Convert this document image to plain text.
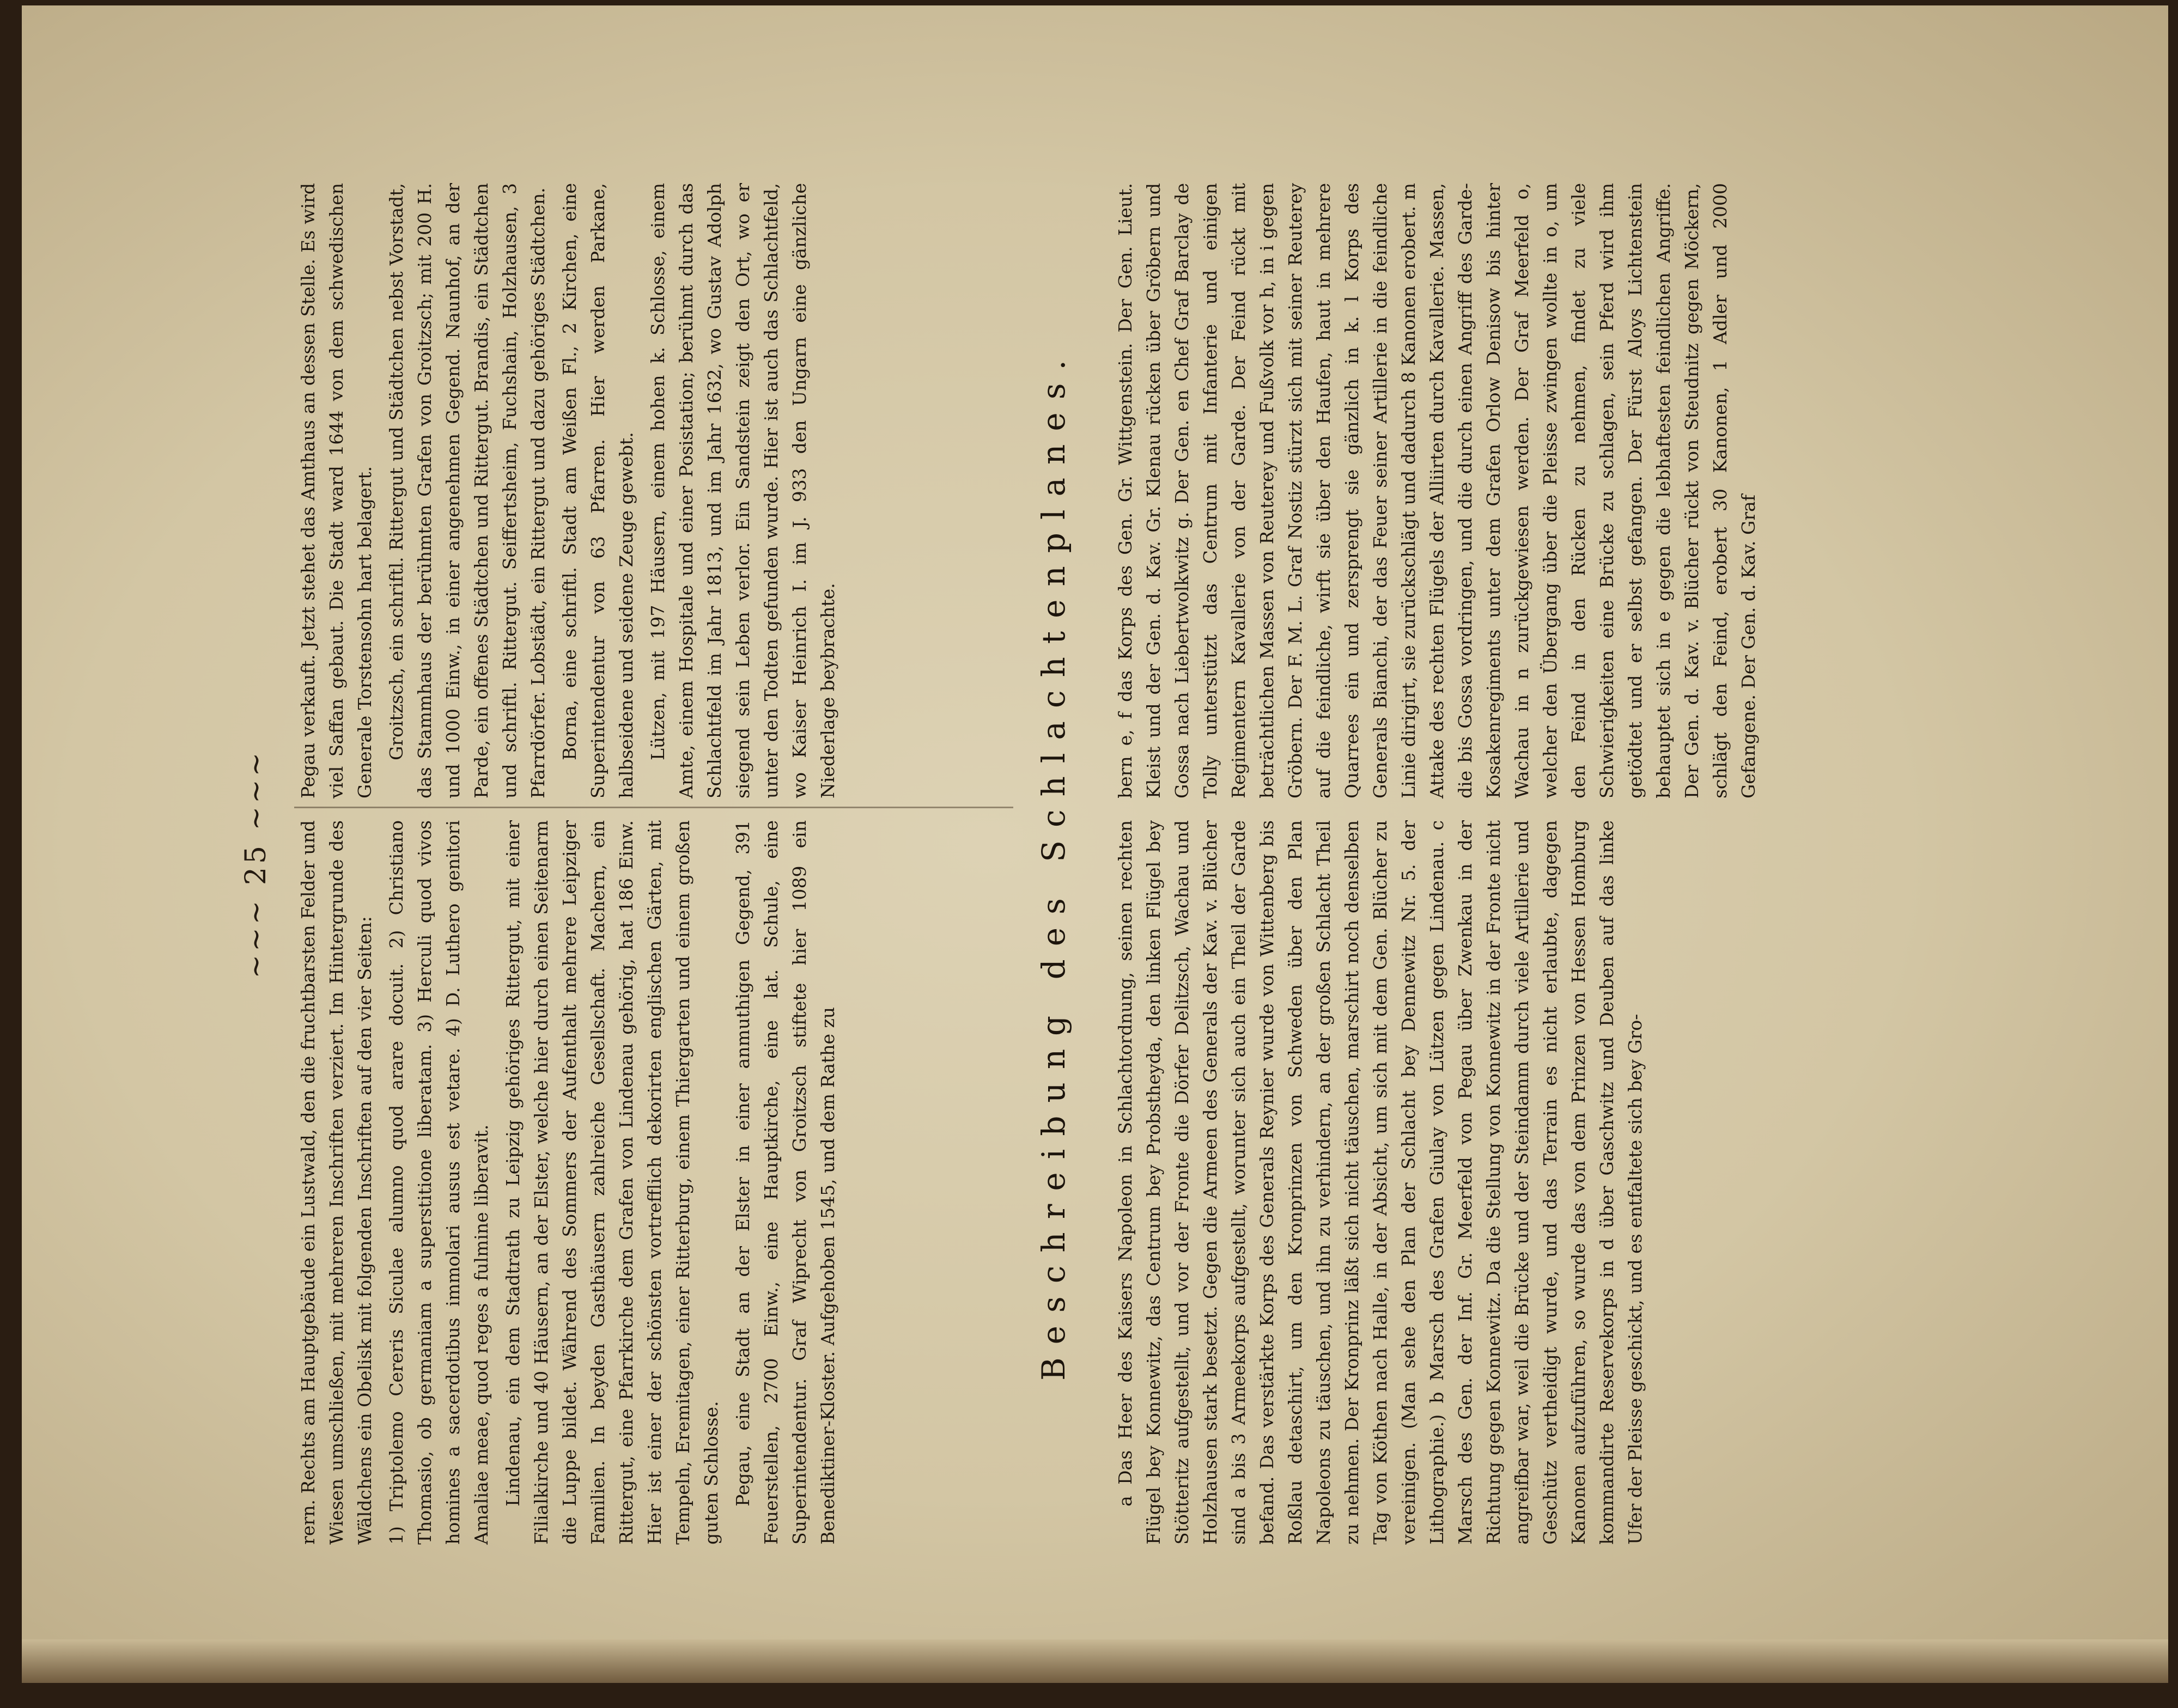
~~~ 25 ~~~

rern. Rechts am Hauptgebäude ein Lustwald, den die fruchtbarsten Felder und Wiesen umschließen, mit mehreren Inschriften verziert. Im Hintergrunde des Wäldchens ein Obelisk mit folgenden Inschriften auf den vier Seiten: 1) Triptolemo Cereris Siculae alumno quod arare docuit. 2) Christiano Thomasio, ob germaniam a superstitione liberatam. 3) Herculi quod vivos homines a sacerdotibus immolari ausus est vetare. 4) D. Luthero genitori Amaliae meae, quod reges a fulmine liberavit. Lindenau, ein dem Stadtrath zu Leipzig gehöriges Rittergut, mit einer Filialkirche und 40 Häusern, an der Elster, welche hier durch einen Seitenarm die Luppe bildet. Während des Sommers der Aufenthalt mehrere Leipziger Familien. In beyden Gasthäusern zahlreiche Gesellschaft. Machern, ein Rittergut, eine Pfarrkirche dem Grafen von Lindenau gehörig, hat 186 Einw. Hier ist einer der schönsten vortrefflich dekorirten englischen Gärten, mit Tempeln, Eremitagen, einer Ritterburg, einem Thiergarten und einem großen guten Schlosse. Pegau, eine Stadt an der Elster in einer anmuthigen Gegend, 391 Feuerstellen, 2700 Einw., eine Hauptkirche, eine lat. Schule, eine Superintendentur. Graf Wiprecht von Groitzsch stiftete hier 1089 ein Benediktiner-Kloster. Aufgehoben 1545, und dem Rathe zu

Pegau verkauft. Jetzt stehet das Amthaus an dessen Stelle. Es wird viel Saffan gebaut. Die Stadt ward 1644 von dem schwedischen Generale Torstensohn hart belagert. Groitzsch, ein schriftl. Rittergut und Städtchen nebst Vorstadt, das Stammhaus der berühmten Grafen von Groitzsch; mit 200 H. und 1000 Einw., in einer angenehmen Gegend. Naunhof, an der Parde, ein offenes Städtchen und Rittergut. Brandis, ein Städtchen und schriftl. Rittergut. Seiffertsheim, Fuchshain, Holzhausen, 3 Pfarrdörfer. Lobstädt, ein Rittergut und dazu gehöriges Städtchen. Borna, eine schriftl. Stadt am Weißen Fl., 2 Kirchen, eine Superintendentur von 63 Pfarren. Hier werden Parkane, halbseidene und seidene Zeuge gewebt. Lützen, mit 197 Häusern, einem hohen k. Schlosse, einem Amte, einem Hospitale und einer Posistation; berühmt durch das Schlachtfeld im Jahr 1813, und im Jahr 1632, wo Gustav Adolph siegend sein Leben verlor. Ein Sandstein zeigt den Ort, wo er unter den Todten gefunden wurde. Hier ist auch das Schlachtfeld, wo Kaiser Heinrich I. im J. 933 den Ungarn eine gänzliche Niederlage beybrachte.	Beschreibung des Schlachtenplanes. a Das Heer des Kaisers Napoleon in Schlachtordnung, seinen rechten Flügel bey Konnewitz, das Centrum bey Probstheyda, den linken Flügel bey Stötteritz aufgestellt, und vor der Fronte die Dörfer Delitzsch, Wachau und Holzhausen stark besetzt. Gegen die Armeen des Generals der Kav. v. Blücher sind a bis 3 Armeekorps aufgestellt, worunter sich auch ein Theil der Garde befand. Das verstärkte Korps des Generals Reynier wurde von Wittenberg bis Roßlau detaschirt, um den Kronprinzen von Schweden über den Plan Napoleons zu täuschen, und ihn zu verhindern, an der großen Schlacht Theil zu nehmen. Der Kronprinz läßt sich nicht täuschen, marschirt noch denselben Tag von Köthen nach Halle, in der Absicht, um sich mit dem Gen. Blücher zu vereinigen. (Man sehe den Plan der Schlacht bey Dennewitz Nr. 5. der Lithographie.) b Marsch des Grafen Giulay von Lützen gegen Lindenau. c Marsch des Gen. der Inf. Gr. Meerfeld von Pegau über Zwenkau in der Richtung gegen Konnewitz. Da die Stellung von Konnewitz in der Fronte nicht angreifbar war, weil die Brücke und der Steindamm durch viele Artillerie und Geschütz vertheidigt wurde, und das Terrain es nicht erlaubte, dagegen Kanonen aufzuführen, so wurde das von dem Prinzen von Hessen Homburg kommandirte Reservekorps in d über Gaschwitz und Deuben auf das linke Ufer der Pleisse geschickt, und es entfaltete sich bey Gro-

bern e, f das Korps des Gen. Gr. Wittgenstein. Der Gen. Lieut. Kleist und der Gen. d. Kav. Gr. Klenau rücken über Gröbern und Gossa nach Liebertwolkwitz g. Der Gen. en Chef Graf Barclay de Tolly unterstützt das Centrum mit Infanterie und einigen Regimentern Kavallerie von der Garde. Der Feind rückt mit beträchtlichen Massen von Reuterey und Fußvolk vor h, in i gegen Gröbern. Der F. M. L. Graf Nostiz stürzt sich mit seiner Reuterey auf die feindliche, wirft sie über den Haufen, haut in mehrere Quarrees ein und zersprengt sie gänzlich in k. l Korps des Generals Bianchi, der das Feuer seiner Artillerie in die feindliche Linie dirigirt, sie zurückschlägt und dadurch 8 Kanonen erobert. m Attake des rechten Flügels der Alliirten durch Kavallerie. Massen, die bis Gossa vordringen, und die durch einen Angriff des Garde-Kosakenregiments unter dem Grafen Orlow Denisow bis hinter Wachau in n zurückgewiesen werden. Der Graf Meerfeld o, welcher den Übergang über die Pleisse zwingen wollte in o, um den Feind in den Rücken zu nehmen, findet zu viele Schwierigkeiten eine Brücke zu schlagen, sein Pferd wird ihm getödtet und er selbst gefangen. Der Fürst Aloys Lichtenstein behauptet sich in e gegen die lebhaftesten feindlichen Angriffe. Der Gen. d. Kav. v. Blücher rückt von Steudnitz gegen Möckern, schlägt den Feind, erobert 30 Kanonen, 1 Adler und 2000 Gefangene. Der Gen. d. Kav. Graf
